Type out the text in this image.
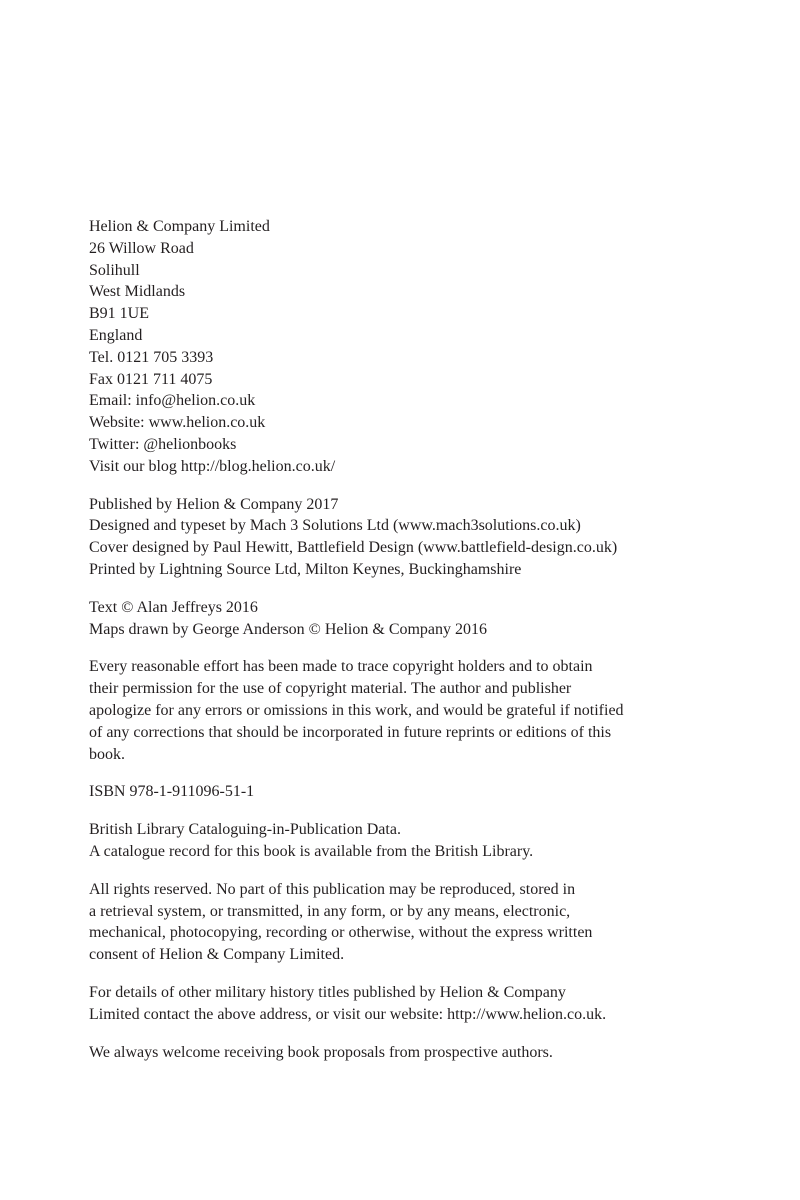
Helion & Company Limited
26 Willow Road
Solihull
West Midlands
B91 1UE
England
Tel. 0121 705 3393
Fax 0121 711 4075
Email: info@helion.co.uk
Website: www.helion.co.uk
Twitter: @helionbooks
Visit our blog http://blog.helion.co.uk/
Published by Helion & Company 2017
Designed and typeset by Mach 3 Solutions Ltd (www.mach3solutions.co.uk)
Cover designed by Paul Hewitt, Battlefield Design (www.battlefield-design.co.uk)
Printed by Lightning Source Ltd, Milton Keynes, Buckinghamshire
Text © Alan Jeffreys 2016
Maps drawn by George Anderson © Helion & Company 2016
Every reasonable effort has been made to trace copyright holders and to obtain
their permission for the use of copyright material. The author and publisher
apologize for any errors or omissions in this work, and would be grateful if notified
of any corrections that should be incorporated in future reprints or editions of this
book.
ISBN 978-1-911096-51-1
British Library Cataloguing-in-Publication Data.
A catalogue record for this book is available from the British Library.
All rights reserved. No part of this publication may be reproduced, stored in
a retrieval system, or transmitted, in any form, or by any means, electronic,
mechanical, photocopying, recording or otherwise, without the express written
consent of Helion & Company Limited.
For details of other military history titles published by Helion & Company
Limited contact the above address, or visit our website: http://www.helion.co.uk.
We always welcome receiving book proposals from prospective authors.
